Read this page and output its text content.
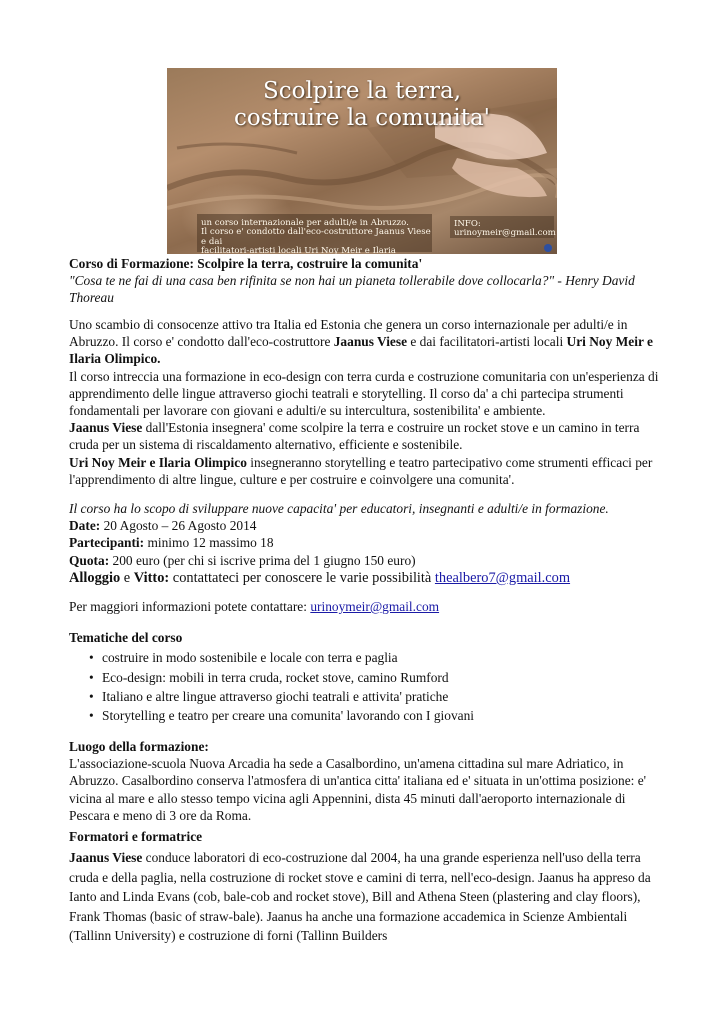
Scolpire la terra,
costruire la comunita'
un corso internazionale per adulti/e in Abruzzo.
Il corso e' condotto dall'eco-costruttore Jaanus Viese e dai
facilitatori-artisti locali Uri Noy Meir e Ilaria
INFO:
urinoymeir@gmail.com

Corso di Formazione: Scolpire la terra, costruire la comunita'

"Cosa te ne fai di una casa ben rifinita se non hai un pianeta tollerabile dove collocarla?" - Henry David Thoreau

Uno scambio di consocenze attivo tra Italia ed Estonia che genera un corso internazionale per adulti/e in Abruzzo. Il corso e' condotto dall'eco-costruttore Jaanus Viese e dai facilitatori-artisti locali Uri Noy Meir e Ilaria Olimpico.

Il corso intreccia una formazione in eco-design con terra curda e costruzione comunitaria con un'esperienza di apprendimento delle lingue attraverso giochi teatrali e storytelling. Il corso da' a chi partecipa strumenti fondamentali per lavorare con giovani e adulti/e su intercultura, sostenibilita' e ambiente.

Jaanus Viese dall'Estonia insegnera' come scolpire la terra e costruire un rocket stove e un camino in terra cruda per un sistema di riscaldamento alternativo, efficiente e sostenibile.

Uri Noy Meir e Ilaria Olimpico insegneranno storytelling e teatro partecipativo come strumenti efficaci per l'apprendimento di altre lingue, culture e per costruire e coinvolgere una comunita'.

Il corso ha lo scopo di sviluppare nuove capacita' per educatori, insegnanti e adulti/e in formazione.

Date: 20 Agosto – 26 Agosto 2014

Partecipanti: minimo 12 massimo 18

Quota: 200 euro (per chi si iscrive prima del 1 giugno 150 euro)

Alloggio e Vitto: contattateci per conoscere le varie possibilità thealbero7@gmail.com

Per maggiori informazioni potete contattare: urinoymeir@gmail.com

Tematiche del corso

• costruire in modo sostenibile e locale con terra e paglia
• Eco-design: mobili in terra cruda, rocket stove, camino Rumford
• Italiano e altre lingue attraverso giochi teatrali e attivita' pratiche
• Storytelling e teatro per creare una comunita' lavorando con I giovani

Luogo della formazione:

L'associazione-scuola Nuova Arcadia ha sede a Casalbordino, un'amena cittadina sul mare Adriatico, in Abruzzo. Casalbordino conserva l'atmosfera di un'antica citta' italiana ed e' situata in un'ottima posizione: e' vicina al mare e allo stesso tempo vicina agli Appennini, dista 45 minuti dall'aeroporto internazionale di Pescara e meno di 3 ore da Roma.

Formatori e formatrice

Jaanus Viese conduce laboratori di eco-costruzione dal 2004, ha una grande esperienza nell'uso della terra cruda e della paglia, nella costruzione di rocket stove e camini di terra, nell'eco-design. Jaanus ha appreso da Ianto and Linda Evans (cob, bale-cob and rocket stove), Bill and Athena Steen (plastering and clay floors), Frank Thomas (basic of straw-bale). Jaanus ha anche una formazione accademica in Scienze Ambientali (Tallinn University) e costruzione di forni (Tallinn Builders
